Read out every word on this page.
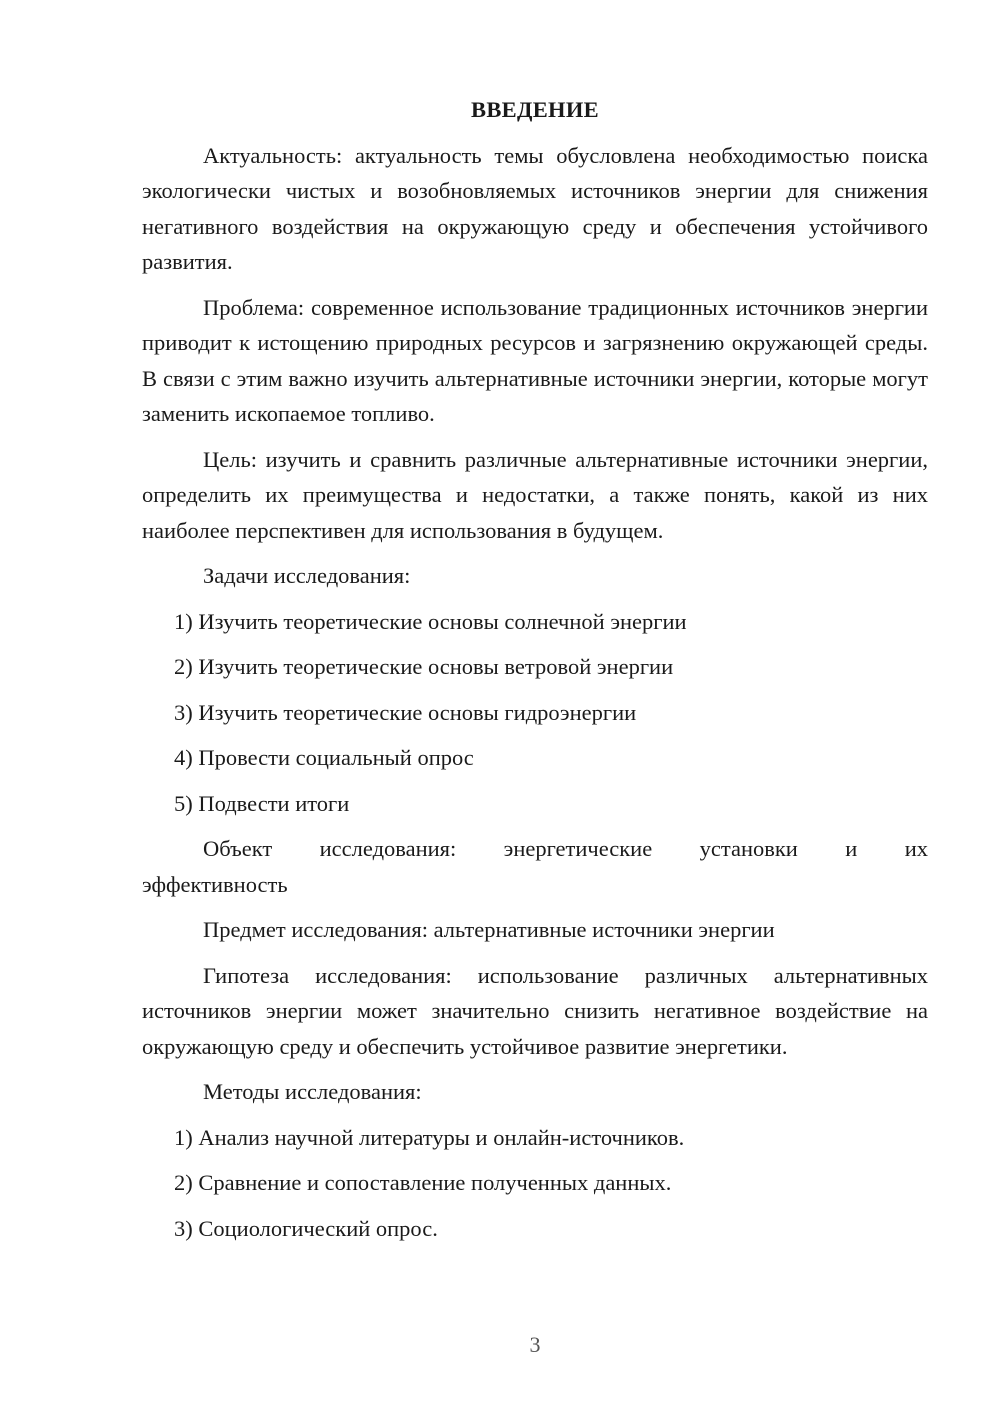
ВВЕДЕНИЕ

Актуальность: актуальность темы обусловлена необходимостью поиска экологически чистых и возобновляемых источников энергии для снижения негативного воздействия на окружающую среду и обеспечения устойчивого развития.

Проблема: современное использование традиционных источников энергии приводит к истощению природных ресурсов и загрязнению окружающей среды. В связи с этим важно изучить альтернативные источники энергии, которые могут заменить ископаемое топливо.

Цель: изучить и сравнить различные альтернативные источники энергии, определить их преимущества и недостатки, а также понять, какой из них наиболее перспективен для использования в будущем.

Задачи исследования:

1) Изучить теоретические основы солнечной энергии
2) Изучить теоретические основы ветровой энергии
3) Изучить теоретические основы гидроэнергии
4) Провести социальный опрос
5) Подвести итоги

Объект исследования: энергетические установки и их

эффективность

Предмет исследования: альтернативные источники энергии

Гипотеза исследования: использование различных альтернативных источников энергии может значительно снизить негативное воздействие на окружающую среду и обеспечить устойчивое развитие энергетики.

Методы исследования:

1) Анализ научной литературы и онлайн-источников.
2) Сравнение и сопоставление полученных данных.
3) Социологический опрос.
3
